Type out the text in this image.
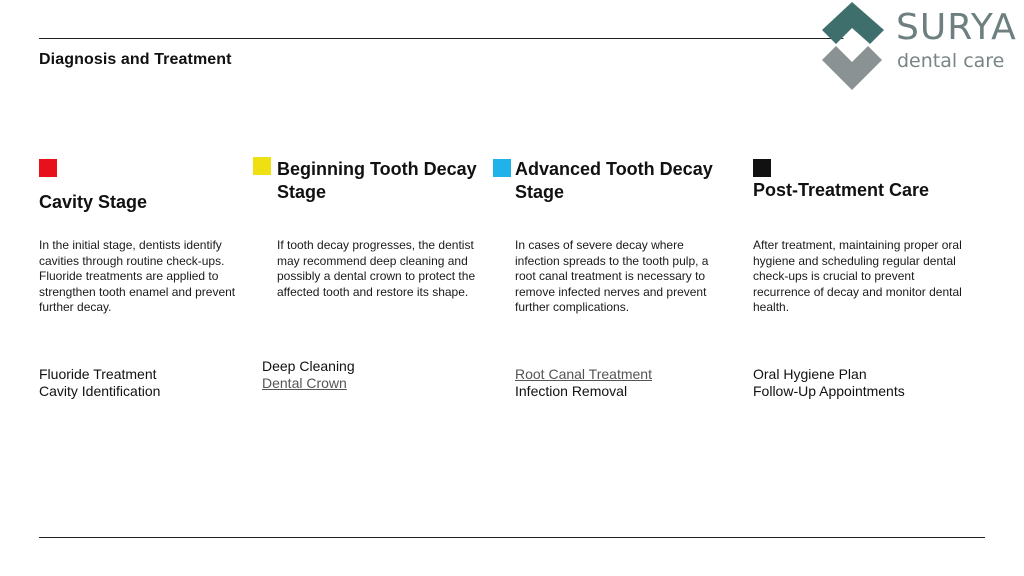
Diagnosis and Treatment
SURYA
dental care
Cavity Stage
In the initial stage, dentists identify cavities through routine check-ups. Fluoride treatments are applied to strengthen tooth enamel and prevent further decay.
Fluoride Treatment
Cavity Identification
Beginning Tooth Decay Stage
If tooth decay progresses, the dentist may recommend deep cleaning and possibly a dental crown to protect the affected tooth and restore its shape.
Deep Cleaning
Dental Crown
Advanced Tooth Decay Stage
In cases of severe decay where infection spreads to the tooth pulp, a root canal treatment is necessary to remove infected nerves and prevent further complications.
Root Canal Treatment
Infection Removal
Post-Treatment Care
After treatment, maintaining proper oral hygiene and scheduling regular dental check-ups is crucial to prevent recurrence of decay and monitor dental health.
Oral Hygiene Plan
Follow-Up Appointments
